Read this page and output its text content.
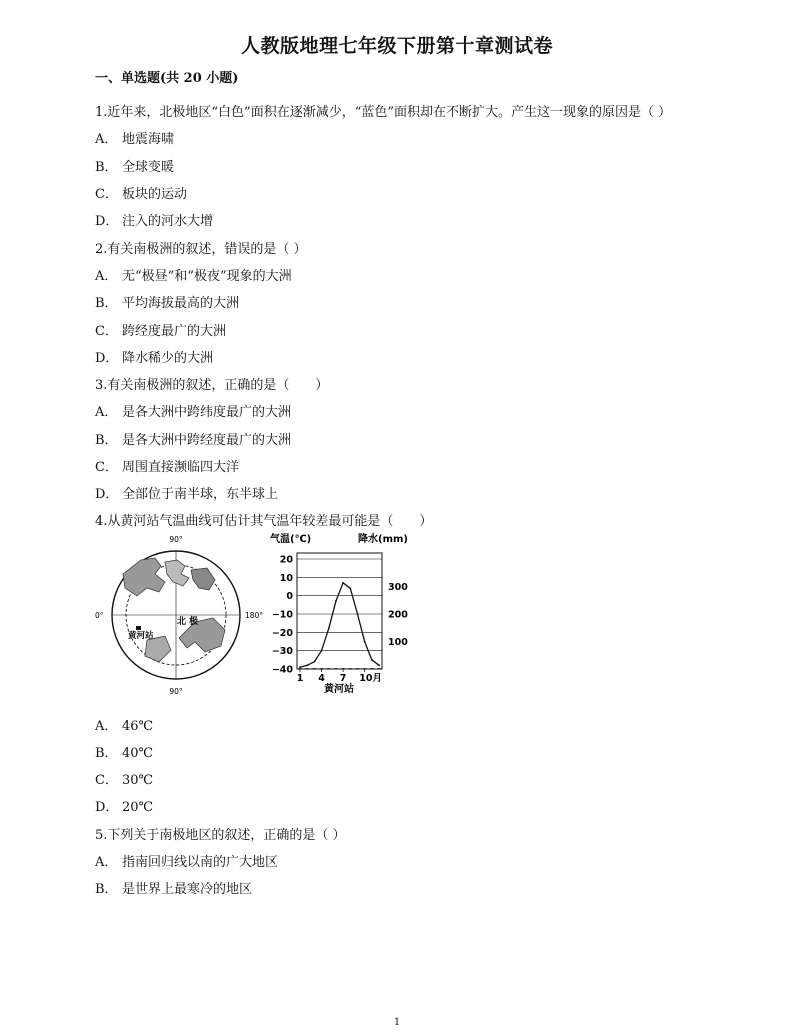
人教版地理七年级下册第十章测试卷
一、单选题(共 20 小题)
1.近年来，北极地区“白色”面积在逐渐减少，“蓝色”面积却在不断扩大。产生这一现象的原因是（ ）
A． 地震海啸
B． 全球变暖
C． 板块的运动
D． 注入的河水大增
2.有关南极洲的叙述，错误的是（ ）
A． 无“极昼”和“极夜”现象的大洲
B． 平均海拔最高的大洲
C． 跨经度最广的大洲
D． 降水稀少的大洲
3.有关南极洲的叙述，正确的是（　　）
A． 是各大洲中跨纬度最广的大洲
B． 是各大洲中跨经度最广的大洲
C． 周围直接濒临四大洋
D． 全部位于南半球，东半球上
4.从黄河站气温曲线可估计其气温年较差最可能是（　　）
A． 46℃
B． 40℃
C． 30℃
D． 20℃
5.下列关于南极地区的叙述，正确的是（ ）
A． 指南回归线以南的广大地区
B． 是世界上最寒冷的地区
90°
90°
0°	180°
北 极
黄河站
气温(℃)	降水(mm)
黄河站
20
10
0
−10
−20
−30
−40
300
200
100
1 4 7 10月
1
